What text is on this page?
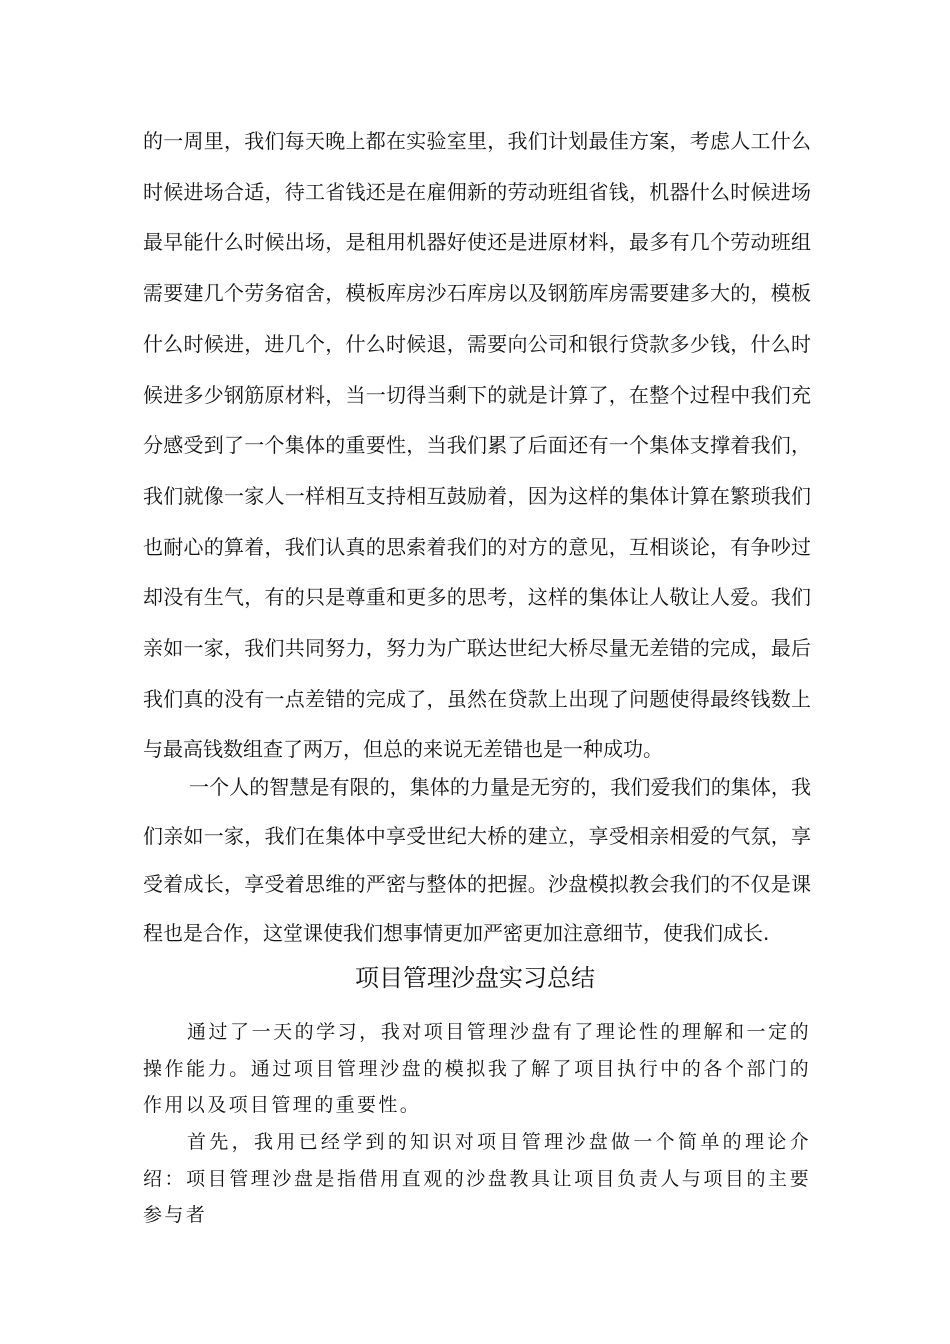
的一周里，我们每天晚上都在实验室里，我们计划最佳方案，考虑人工什么时候进场合适，待工省钱还是在雇佣新的劳动班组省钱，机器什么时候进场最早能什么时候出场，是租用机器好使还是进原材料，最多有几个劳动班组需要建几个劳务宿舍，模板库房沙石库房以及钢筋库房需要建多大的，模板什么时候进，进几个，什么时候退，需要向公司和银行贷款多少钱，什么时候进多少钢筋原材料，当一切得当剩下的就是计算了，在整个过程中我们充分感受到了一个集体的重要性，当我们累了后面还有一个集体支撑着我们，我们就像一家人一样相互支持相互鼓励着，因为这样的集体计算在繁琐我们也耐心的算着，我们认真的思索着我们的对方的意见，互相谈论，有争吵过却没有生气，有的只是尊重和更多的思考，这样的集体让人敬让人爱。我们亲如一家，我们共同努力，努力为广联达世纪大桥尽量无差错的完成，最后我们真的没有一点差错的完成了，虽然在贷款上出现了问题使得最终钱数上与最高钱数组查了两万，但总的来说无差错也是一种成功。

一个人的智慧是有限的，集体的力量是无穷的，我们爱我们的集体，我们亲如一家，我们在集体中享受世纪大桥的建立，享受相亲相爱的气氛，享受着成长，享受着思维的严密与整体的把握。沙盘模拟教会我们的不仅是课程也是合作，这堂课使我们想事情更加严密更加注意细节，使我们成长.

项目管理沙盘实习总结

通过了一天的学习，我对项目管理沙盘有了理论性的理解和一定的操作能力。通过项目管理沙盘的模拟我了解了项目执行中的各个部门的作用以及项目管理的重要性。

首先，我用已经学到的知识对项目管理沙盘做一个简单的理论介绍：项目管理沙盘是指借用直观的沙盘教具让项目负责人与项目的主要参与者
